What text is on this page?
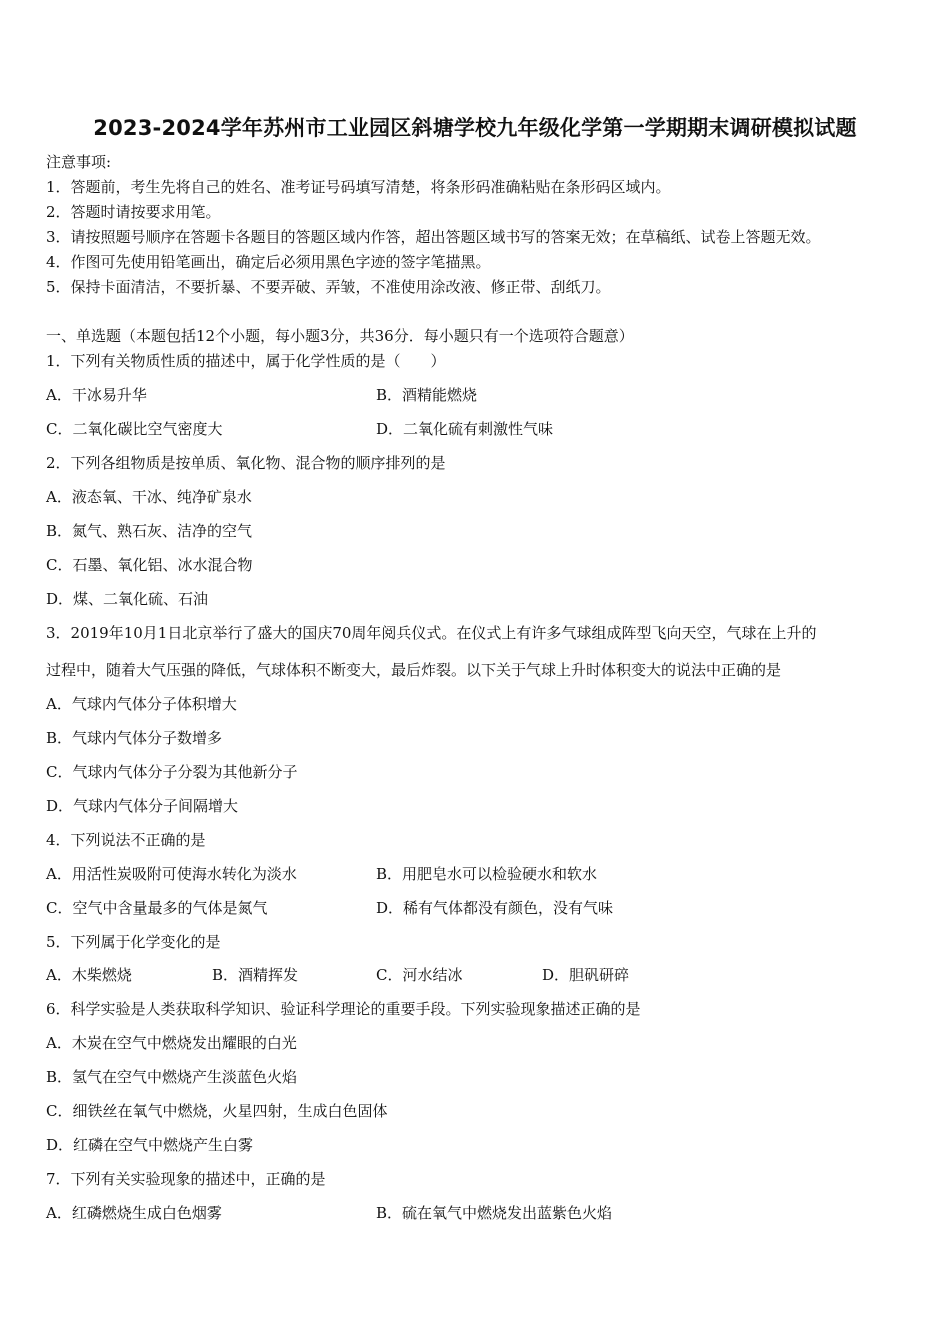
2023-2024学年苏州市工业园区斜塘学校九年级化学第一学期期末调研模拟试题
注意事项:
1．答题前，考生先将自己的姓名、准考证号码填写清楚，将条形码准确粘贴在条形码区域内。
2．答题时请按要求用笔。
3．请按照题号顺序在答题卡各题目的答题区域内作答，超出答题区域书写的答案无效；在草稿纸、试卷上答题无效。
4．作图可先使用铅笔画出，确定后必须用黑色字迹的签字笔描黑。
5．保持卡面清洁，不要折暴、不要弄破、弄皱，不准使用涂改液、修正带、刮纸刀。
一、单选题（本题包括12个小题，每小题3分，共36分．每小题只有一个选项符合题意）
1．下列有关物质性质的描述中，属于化学性质的是（　　）
A．干冰易升华	B．酒精能燃烧
C．二氧化碳比空气密度大	D．二氧化硫有刺激性气味
2．下列各组物质是按单质、氧化物、混合物的顺序排列的是
A．液态氧、干冰、纯净矿泉水
B．氮气、熟石灰、洁净的空气
C．石墨、氧化铝、冰水混合物
D．煤、二氧化硫、石油
3．2019年10月1日北京举行了盛大的国庆70周年阅兵仪式。在仪式上有许多气球组成阵型飞向天空，气球在上升的
过程中，随着大气压强的降低，气球体积不断变大，最后炸裂。以下关于气球上升时体积变大的说法中正确的是
A．气球内气体分子体积增大
B．气球内气体分子数增多
C．气球内气体分子分裂为其他新分子
D．气球内气体分子间隔增大
4．下列说法不正确的是
A．用活性炭吸附可使海水转化为淡水	B．用肥皂水可以检验硬水和软水
C．空气中含量最多的气体是氮气	D．稀有气体都没有颜色，没有气味
5．下列属于化学变化的是
A．木柴燃烧	B．酒精挥发	C．河水结冰	D．胆矾研碎
6．科学实验是人类获取科学知识、验证科学理论的重要手段。下列实验现象描述正确的是
A．木炭在空气中燃烧发出耀眼的白光
B．氢气在空气中燃烧产生淡蓝色火焰
C．细铁丝在氧气中燃烧，火星四射，生成白色固体
D．红磷在空气中燃烧产生白雾
7．下列有关实验现象的描述中，正确的是
A．红磷燃烧生成白色烟雾	B．硫在氧气中燃烧发出蓝紫色火焰
